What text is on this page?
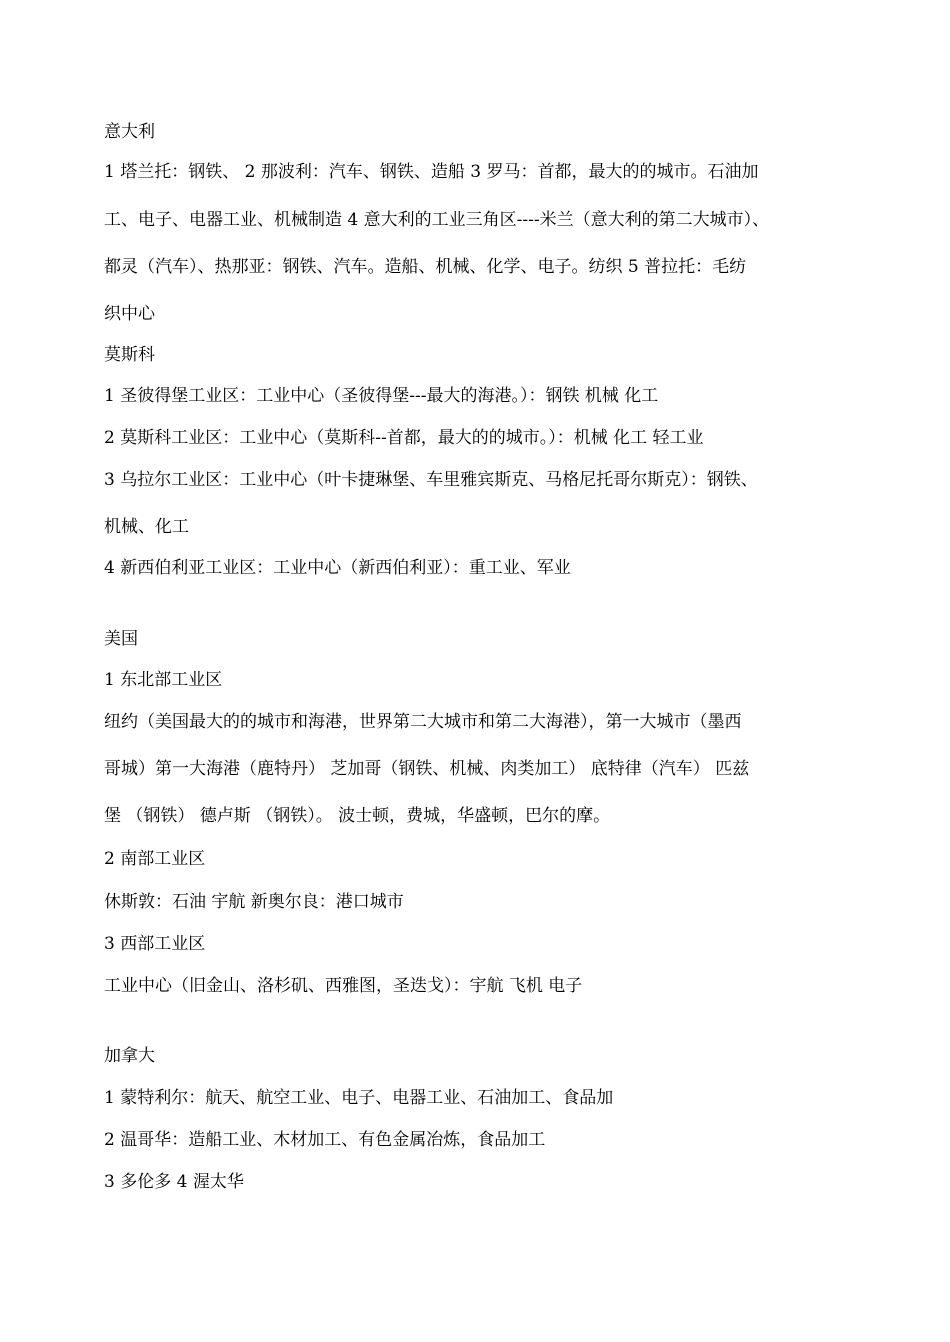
意大利
1 塔兰托：钢铁、 2 那波利：汽车、钢铁、造船 3 罗马：首都，最大的的城市。石油加
工、电子、电器工业、机械制造 4 意大利的工业三角区----米兰（意大利的第二大城市）、
都灵（汽车）、热那亚：钢铁、汽车。造船、机械、化学、电子。纺织 5 普拉托：毛纺
织中心
莫斯科
1 圣彼得堡工业区：工业中心（圣彼得堡---最大的海港。）：钢铁 机械 化工
2 莫斯科工业区：工业中心（莫斯科--首都，最大的的城市。）：机械 化工 轻工业
3 乌拉尔工业区：工业中心（叶卡捷琳堡、车里雅宾斯克、马格尼托哥尔斯克）：钢铁、
机械、化工
4 新西伯利亚工业区：工业中心（新西伯利亚）：重工业、军业
美国
1 东北部工业区
纽约（美国最大的的城市和海港，世界第二大城市和第二大海港），第一大城市（墨西
哥城）第一大海港（鹿特丹） 芝加哥（钢铁、机械、肉类加工） 底特律（汽车） 匹兹
堡 （钢铁） 德卢斯 （钢铁）。 波士顿，费城，华盛顿，巴尔的摩。
2 南部工业区
休斯敦：石油 宇航 新奥尔良：港口城市
3 西部工业区
工业中心（旧金山、洛杉矶、西雅图，圣迭戈）：宇航 飞机 电子
加拿大
1 蒙特利尔：航天、航空工业、电子、电器工业、石油加工、食品加
2 温哥华：造船工业、木材加工、有色金属冶炼，食品加工
3 多伦多 4 渥太华
